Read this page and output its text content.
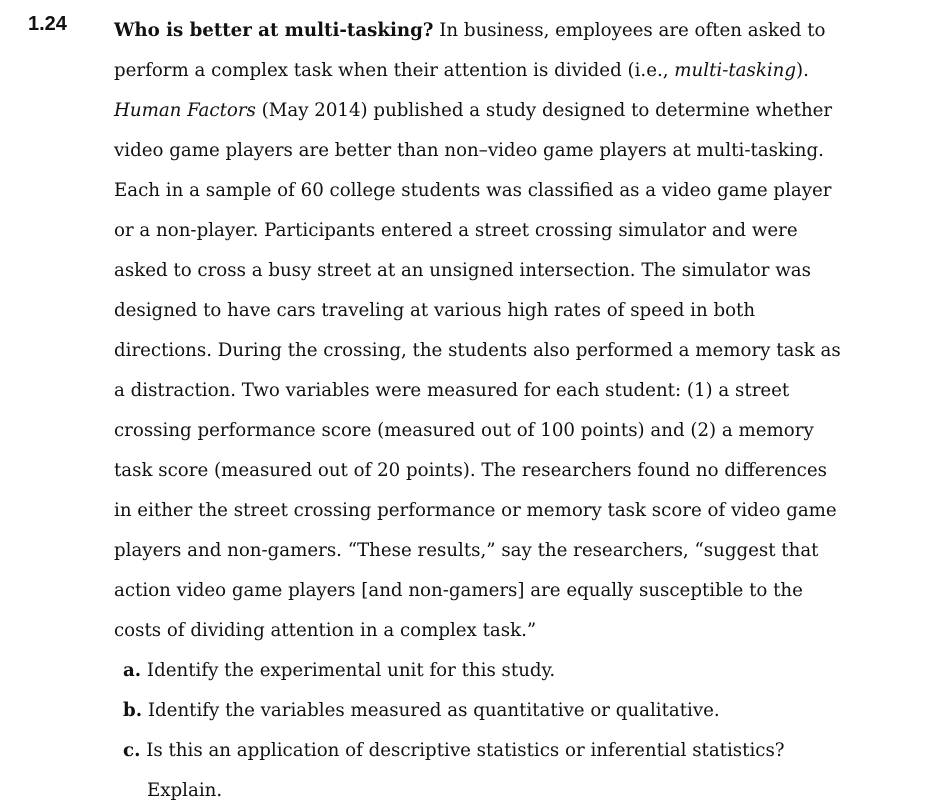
1.24	Who is better at multi-tasking? In business, employees are often asked to
perform a complex task when their attention is divided (i.e., multi-tasking).
Human Factors (May 2014) published a study designed to determine whether
video game players are better than non–video game players at multi-tasking.
Each in a sample of 60 college students was classified as a video game player
or a non-player. Participants entered a street crossing simulator and were
asked to cross a busy street at an unsigned intersection. The simulator was
designed to have cars traveling at various high rates of speed in both
directions. During the crossing, the students also performed a memory task as
a distraction. Two variables were measured for each student: (1) a street
crossing performance score (measured out of 100 points) and (2) a memory
task score (measured out of 20 points). The researchers found no differences
in either the street crossing performance or memory task score of video game
players and non-gamers. “These results,” say the researchers, “suggest that
action video game players [and non-gamers] are equally susceptible to the
costs of dividing attention in a complex task.”
a. Identify the experimental unit for this study.
b. Identify the variables measured as quantitative or qualitative.
c. Is this an application of descriptive statistics or inferential statistics?
Explain.
